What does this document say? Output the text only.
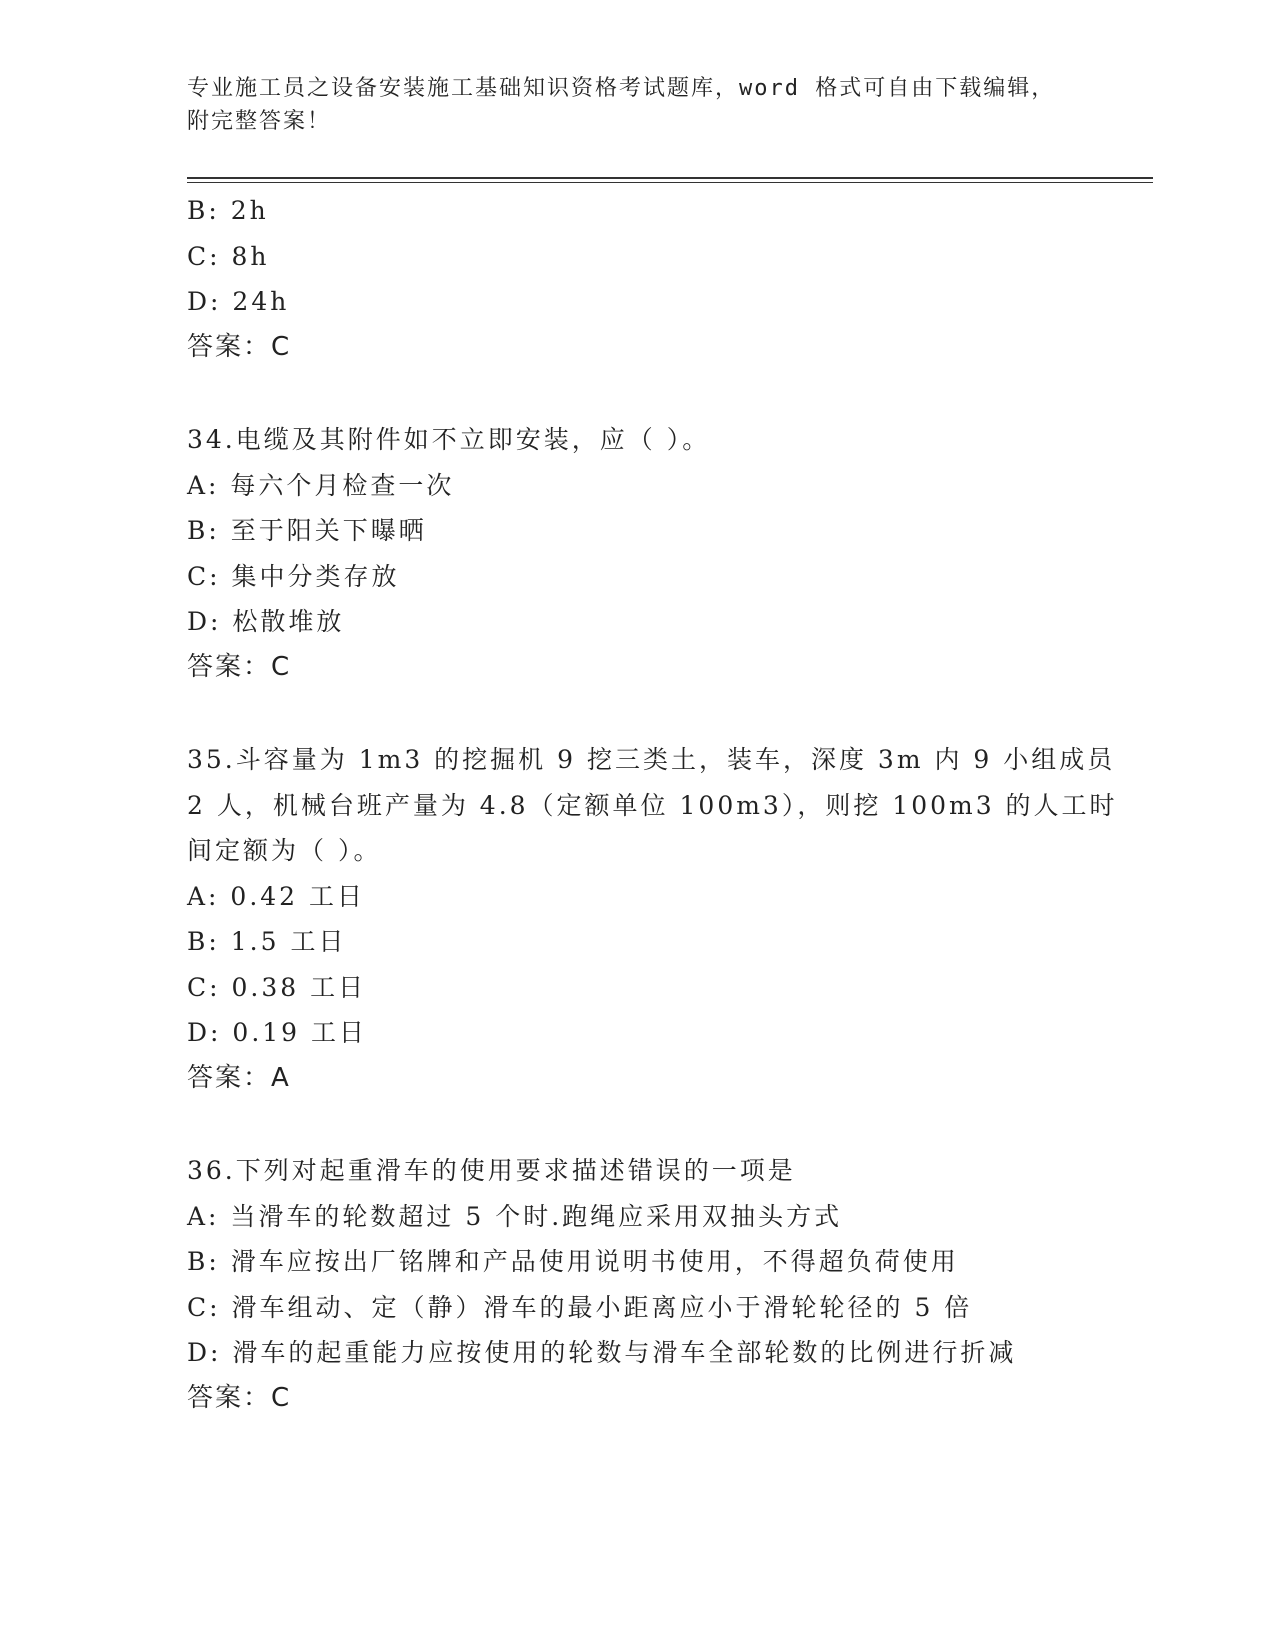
专业施工员之设备安装施工基础知识资格考试题库，word 格式可自由下载编辑，
附完整答案！
B: 2h
C: 8h
D: 24h
答案：C
34.电缆及其附件如不立即安装，应（ ）。
A: 每六个月检查一次
B: 至于阳关下曝晒
C: 集中分类存放
D: 松散堆放
答案：C
35.斗容量为 1m3 的挖掘机 9 挖三类土，装车，深度 3m 内 9 小组成员
2 人，机械台班产量为 4.8（定额单位 100m3），则挖 100m3 的人工时
间定额为（ ）。
A: 0.42 工日
B: 1.5 工日
C: 0.38 工日
D: 0.19 工日
答案：A
36.下列对起重滑车的使用要求描述错误的一项是
A: 当滑车的轮数超过 5 个时.跑绳应采用双抽头方式
B: 滑车应按出厂铭牌和产品使用说明书使用，不得超负荷使用
C: 滑车组动、定（静）滑车的最小距离应小于滑轮轮径的 5 倍
D: 滑车的起重能力应按使用的轮数与滑车全部轮数的比例进行折减
答案：C
